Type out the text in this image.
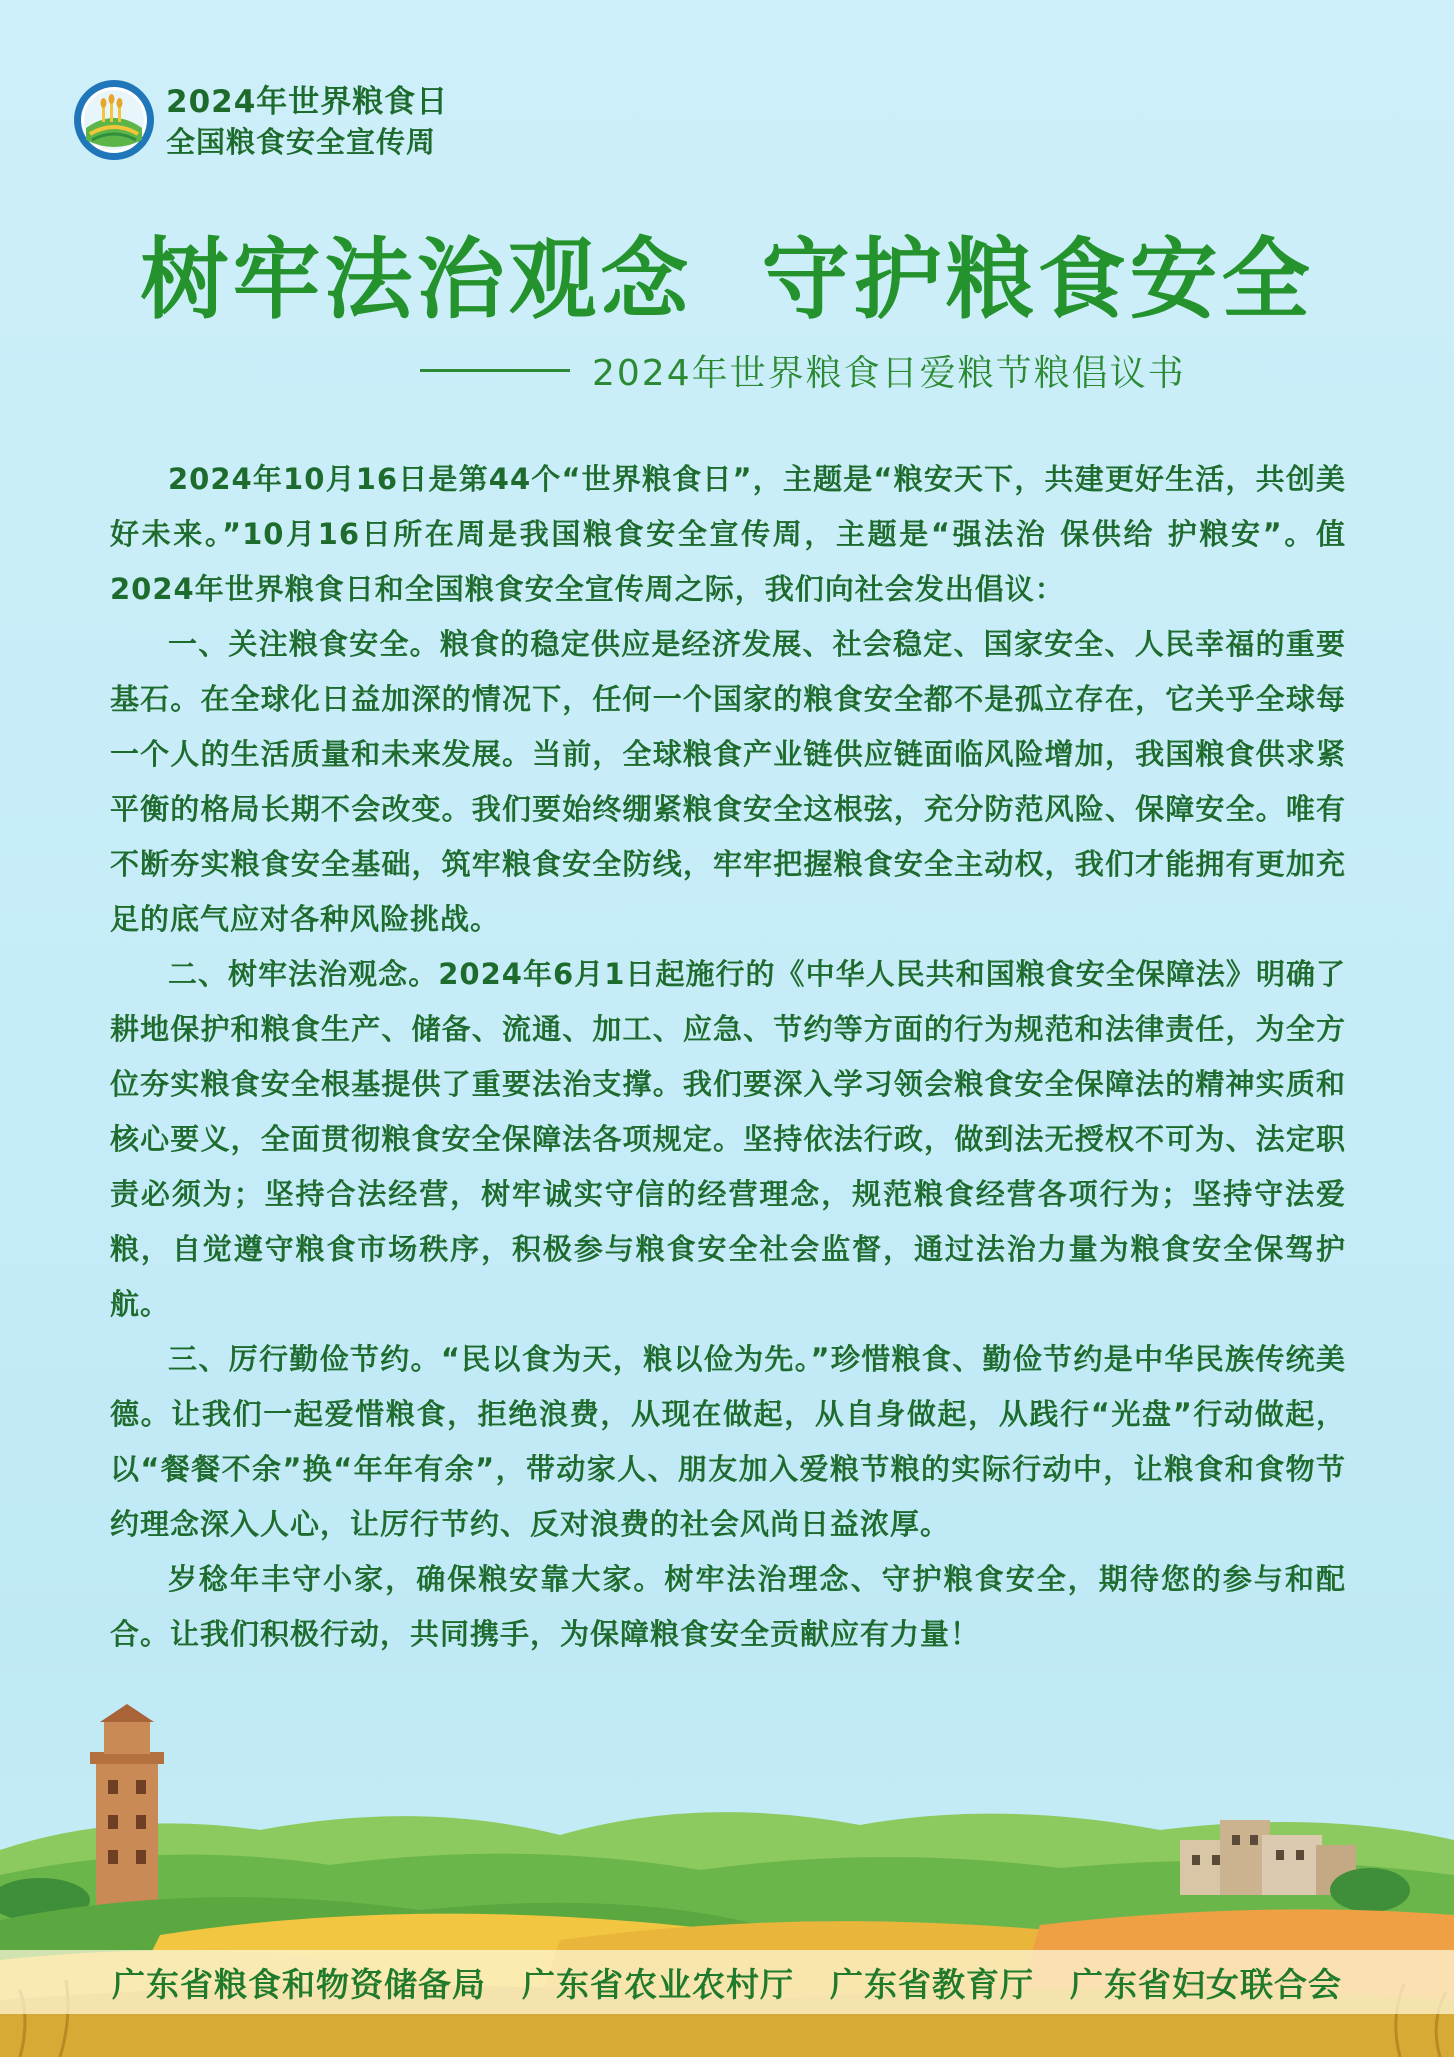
2024年世界粮食日
全国粮食安全宣传周
树牢法治观念  守护粮食安全
2024年世界粮食日爱粮节粮倡议书

2024年10月16日是第44个“世界粮食日”，主题是“粮安天下，共建更好生活，共创美好未来。”10月16日所在周是我国粮食安全宣传周，主题是“强法治 保供给 护粮安”。值2024年世界粮食日和全国粮食安全宣传周之际，我们向社会发出倡议：

一、关注粮食安全。粮食的稳定供应是经济发展、社会稳定、国家安全、人民幸福的重要基石。在全球化日益加深的情况下，任何一个国家的粮食安全都不是孤立存在，它关乎全球每一个人的生活质量和未来发展。当前，全球粮食产业链供应链面临风险增加，我国粮食供求紧平衡的格局长期不会改变。我们要始终绷紧粮食安全这根弦，充分防范风险、保障安全。唯有不断夯实粮食安全基础，筑牢粮食安全防线，牢牢把握粮食安全主动权，我们才能拥有更加充足的底气应对各种风险挑战。

二、树牢法治观念。2024年6月1日起施行的《中华人民共和国粮食安全保障法》明确了耕地保护和粮食生产、储备、流通、加工、应急、节约等方面的行为规范和法律责任，为全方位夯实粮食安全根基提供了重要法治支撑。我们要深入学习领会粮食安全保障法的精神实质和核心要义，全面贯彻粮食安全保障法各项规定。坚持依法行政，做到法无授权不可为、法定职责必须为；坚持合法经营，树牢诚实守信的经营理念，规范粮食经营各项行为；坚持守法爱粮，自觉遵守粮食市场秩序，积极参与粮食安全社会监督，通过法治力量为粮食安全保驾护航。

三、厉行勤俭节约。“民以食为天，粮以俭为先。”珍惜粮食、勤俭节约是中华民族传统美德。让我们一起爱惜粮食，拒绝浪费，从现在做起，从自身做起，从践行“光盘”行动做起，以“餐餐不余”换“年年有余”，带动家人、朋友加入爱粮节粮的实际行动中，让粮食和食物节约理念深入人心，让厉行节约、反对浪费的社会风尚日益浓厚。

岁稔年丰守小家，确保粮安靠大家。树牢法治理念、守护粮食安全，期待您的参与和配合。让我们积极行动，共同携手，为保障粮食安全贡献应有力量！

广东省粮食和物资储备局 广东省农业农村厅 广东省教育厅 广东省妇女联合会
